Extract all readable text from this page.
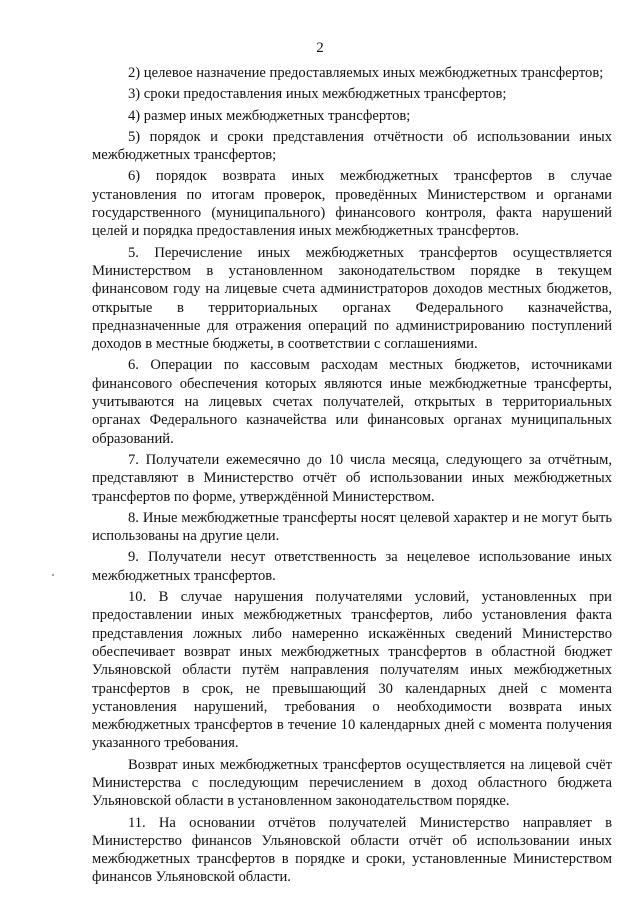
2

2) целевое назначение предоставляемых иных межбюджетных трансфертов;

3) сроки предоставления иных межбюджетных трансфертов;

4) размер иных межбюджетных трансфертов;

5) порядок и сроки представления отчётности об использовании иных межбюджетных трансфертов;

6) порядок возврата иных межбюджетных трансфертов в случае установления по итогам проверок, проведённых Министерством и органами государственного (муниципального) финансового контроля, факта нарушений целей и порядка предоставления иных межбюджетных трансфертов.

5. Перечисление иных межбюджетных трансфертов осуществляется Министерством в установленном законодательством порядке в текущем финансовом году на лицевые счета администраторов доходов местных бюджетов, открытые в территориальных органах Федерального казначейства, предназначенные для отражения операций по администрированию поступлений доходов в местные бюджеты, в соответствии с соглашениями.

6. Операции по кассовым расходам местных бюджетов, источниками финансового обеспечения которых являются иные межбюджетные трансферты, учитываются на лицевых счетах получателей, открытых в территориальных органах Федерального казначейства или финансовых органах муниципальных образований.

7. Получатели ежемесячно до 10 числа месяца, следующего за отчётным, представляют в Министерство отчёт об использовании иных межбюджетных трансфертов по форме, утверждённой Министерством.

8. Иные межбюджетные трансферты носят целевой характер и не могут быть использованы на другие цели.

9. Получатели несут ответственность за нецелевое использование иных межбюджетных трансфертов.

10. В случае нарушения получателями условий, установленных при предоставлении иных межбюджетных трансфертов, либо установления факта представления ложных либо намеренно искажённых сведений Министерство обеспечивает возврат иных межбюджетных трансфертов в областной бюджет Ульяновской области путём направления получателям иных межбюджетных трансфертов в срок, не превышающий 30 календарных дней с момента установления нарушений, требования о необходимости возврата иных межбюджетных трансфертов в течение 10 календарных дней с момента получения указанного требования.

Возврат иных межбюджетных трансфертов осуществляется на лицевой счёт Министерства с последующим перечислением в доход областного бюджета Ульяновской области в установленном законодательством порядке.

11. На основании отчётов получателей Министерство направляет в Министерство финансов Ульяновской области отчёт об использовании иных межбюджетных трансфертов в порядке и сроки, установленные Министерством финансов Ульяновской области.
